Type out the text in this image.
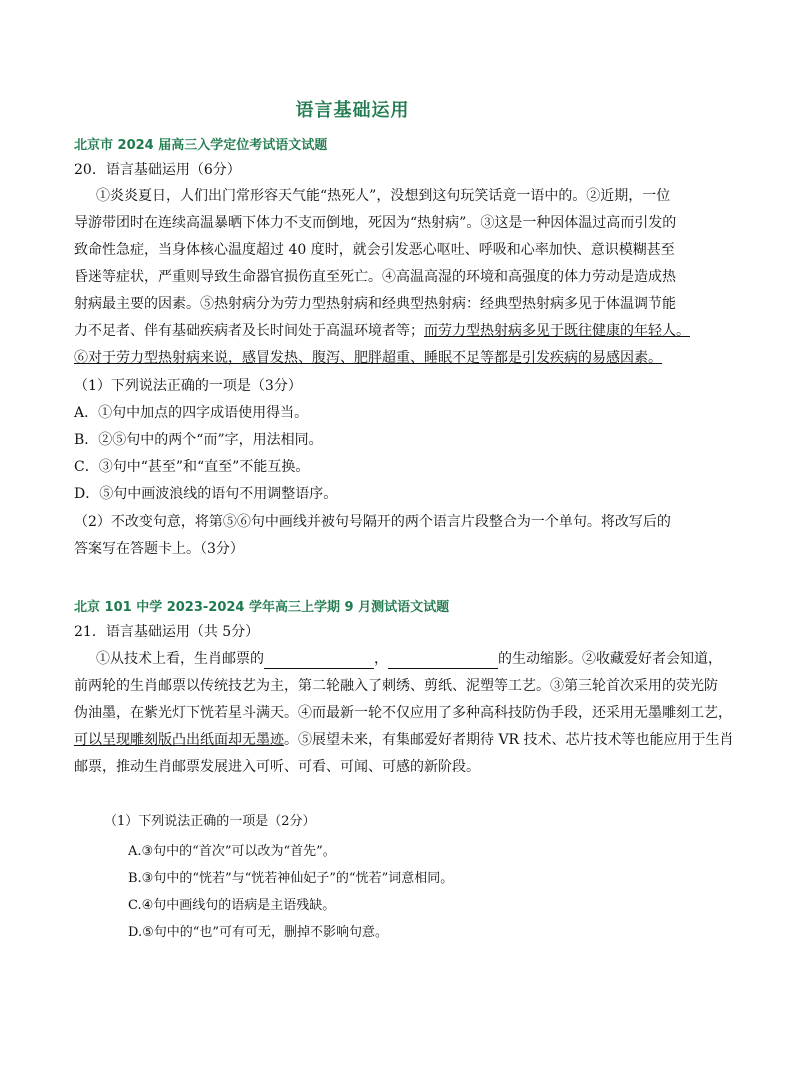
语言基础运用
北京市 2024 届高三入学定位考试语文试题
20．语言基础运用（6分）
①炎炎夏日，人们出门常形容天气能“热死人”，没想到这句玩笑话竟一语中的。②近期，一位
导游带团时在连续高温暴晒下体力不支而倒地，死因为“热射病”。③这是一种因体温过高而引发的
致命性急症，当身体核心温度超过 40 度时，就会引发恶心呕吐、呼吸和心率加快、意识模糊甚至
昏迷等症状，严重则导致生命器官损伤直至死亡。④高温高湿的环境和高强度的体力劳动是造成热
射病最主要的因素。⑤热射病分为劳力型热射病和经典型热射病：经典型热射病多见于体温调节能
力不足者、伴有基础疾病者及长时间处于高温环境者等；而劳力型热射病多见于既往健康的年轻人。
⑥对于劳力型热射病来说，感冒发热、腹泻、肥胖超重、睡眠不足等都是引发疾病的易感因素。
（1）下列说法正确的一项是（3分）
A．①句中加点的四字成语使用得当。
B．②⑤句中的两个“而”字，用法相同。
C．③句中“甚至”和“直至”不能互换。
D．⑤句中画波浪线的语句不用调整语序。
（2）不改变句意，将第⑤⑥句中画线并被句号隔开的两个语言片段整合为一个单句。将改写后的
答案写在答题卡上。（3分）
北京 101 中学 2023-2024 学年高三上学期 9 月测试语文试题
21．语言基础运用（共 5分）
①从技术上看，生肖邮票的	，	的生动缩影。②收藏爱好者会知道，
前两轮的生肖邮票以传统技艺为主，第二轮融入了刺绣、剪纸、泥塑等工艺。③第三轮首次采用的荧光防
伪油墨，在紫光灯下恍若星斗满天。④而最新一轮不仅应用了多种高科技防伪手段，还采用无墨雕刻工艺，
可以呈现雕刻版凸出纸面却无墨迹。⑤展望未来，有集邮爱好者期待 VR 技术、芯片技术等也能应用于生肖
邮票，推动生肖邮票发展进入可听、可看、可闻、可感的新阶段。
（1）下列说法正确的一项是（2分）
A.③句中的“首次”可以改为“首先”。
B.③句中的“恍若”与“恍若神仙妃子”的“恍若”词意相同。
C.④句中画线句的语病是主语残缺。
D.⑤句中的“也”可有可无，删掉不影响句意。
